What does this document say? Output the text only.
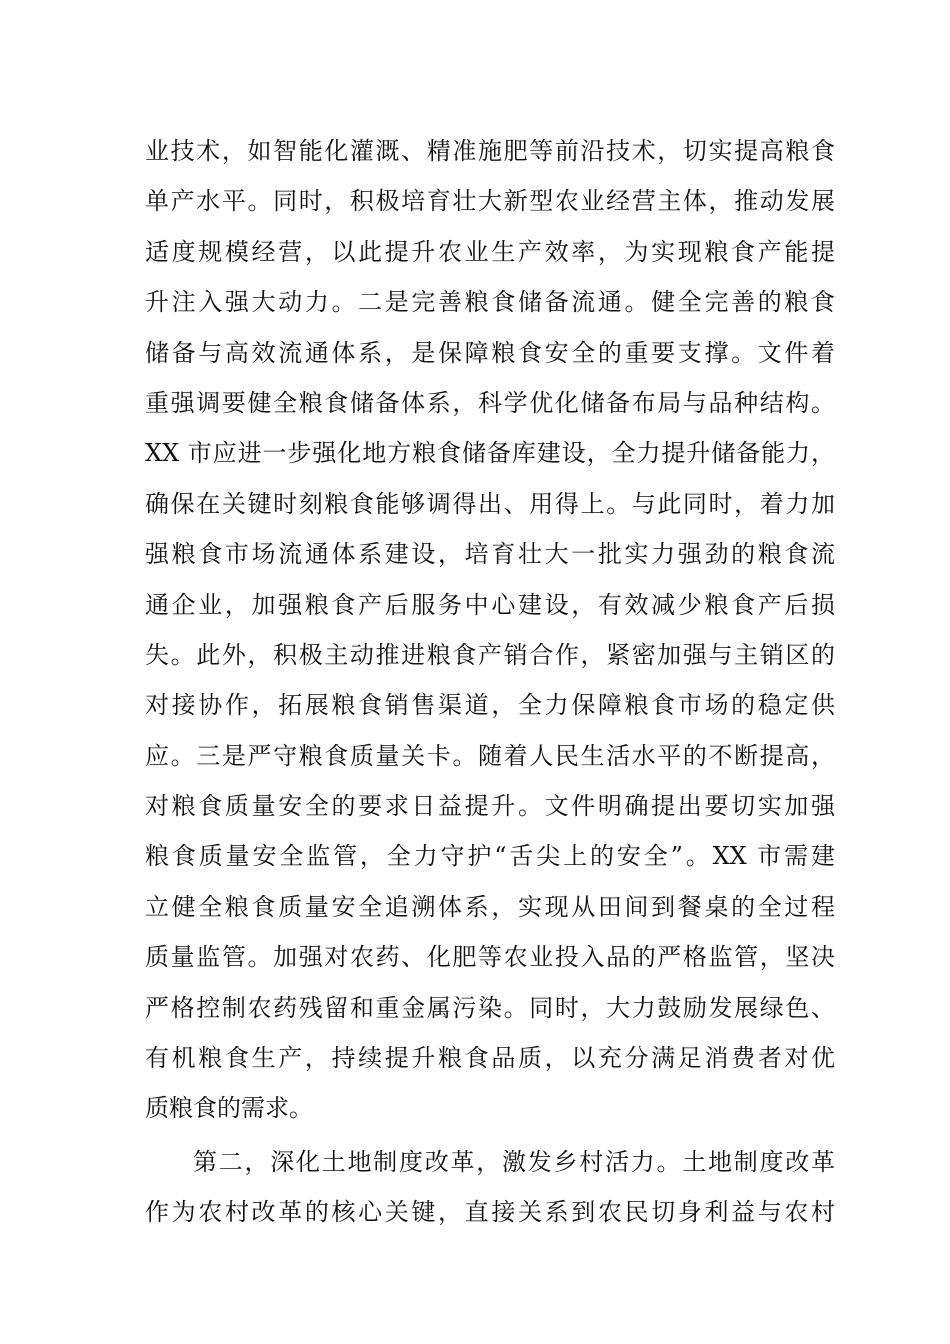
业技术，如智能化灌溉、精准施肥等前沿技术，切实提高粮食
单产水平。同时，积极培育壮大新型农业经营主体，推动发展
适度规模经营，以此提升农业生产效率，为实现粮食产能提
升注入强大动力。二是完善粮食储备流通。健全完善的粮食
储备与高效流通体系，是保障粮食安全的重要支撑。文件着
重强调要健全粮食储备体系，科学优化储备布局与品种结构。
XX 市应进一步强化地方粮食储备库建设，全力提升储备能力，
确保在关键时刻粮食能够调得出、用得上。与此同时，着力加
强粮食市场流通体系建设，培育壮大一批实力强劲的粮食流
通企业，加强粮食产后服务中心建设，有效减少粮食产后损
失。此外，积极主动推进粮食产销合作，紧密加强与主销区的
对接协作，拓展粮食销售渠道，全力保障粮食市场的稳定供
应。三是严守粮食质量关卡。随着人民生活水平的不断提高，
对粮食质量安全的要求日益提升。文件明确提出要切实加强
粮食质量安全监管，全力守护“舌尖上的安全”。XX 市需建
立健全粮食质量安全追溯体系，实现从田间到餐桌的全过程
质量监管。加强对农药、化肥等农业投入品的严格监管，坚决
严格控制农药残留和重金属污染。同时，大力鼓励发展绿色、
有机粮食生产，持续提升粮食品质，以充分满足消费者对优
质粮食的需求。
第二，深化土地制度改革，激发乡村活力。土地制度改革
作为农村改革的核心关键，直接关系到农民切身利益与农村
